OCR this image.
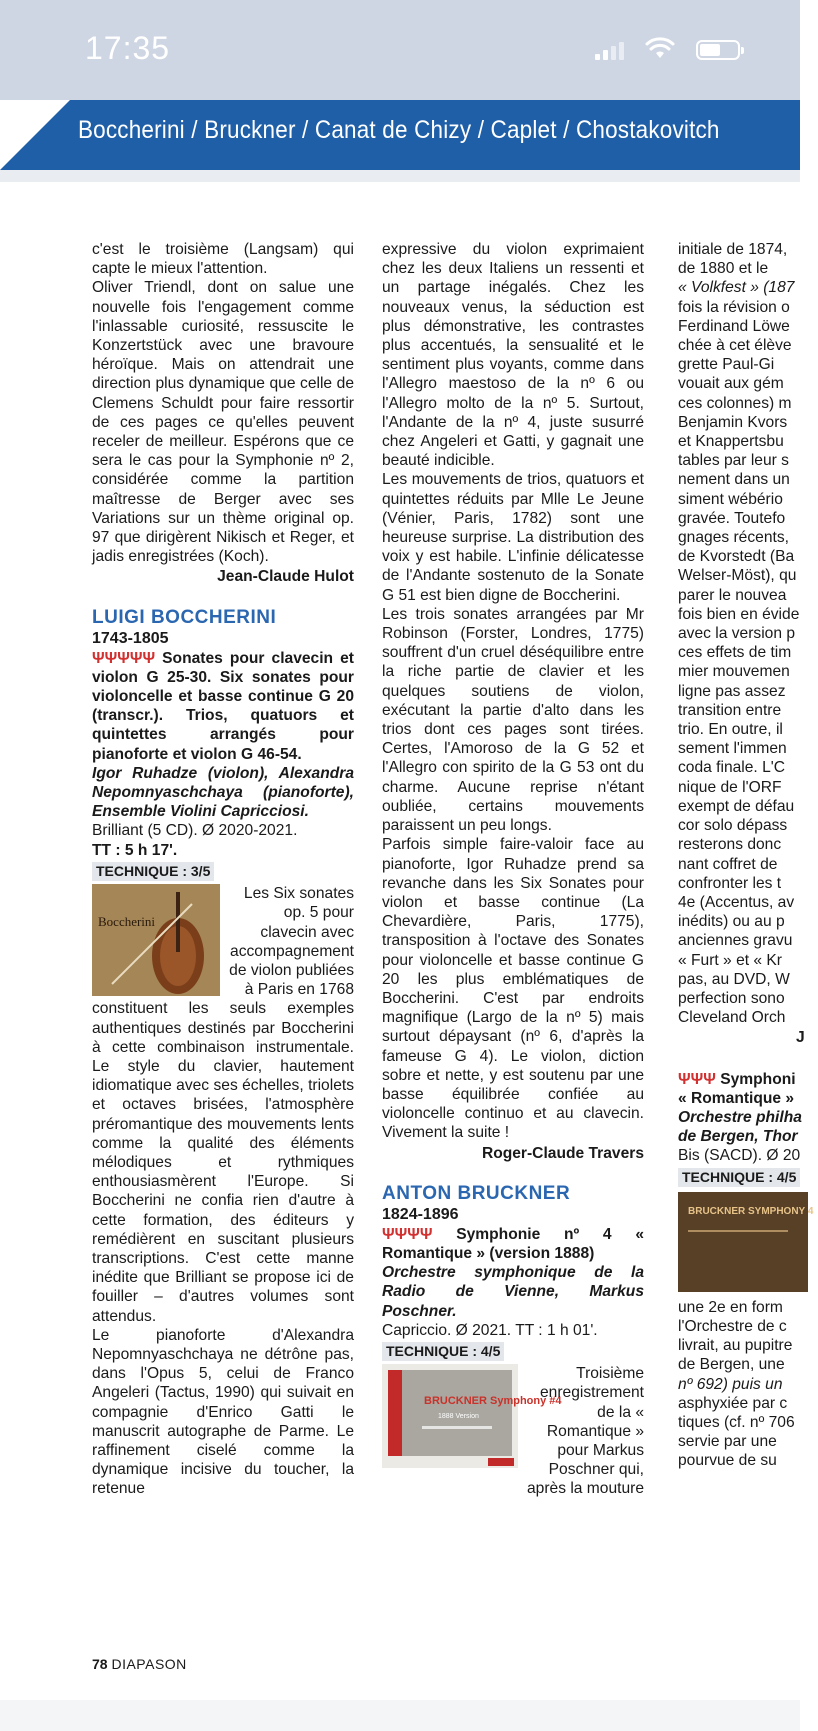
17:35
Boccherini / Bruckner / Canat de Chizy / Caplet / Chostakovitch

c'est le troisième (Langsam) qui capte le mieux l'attention.

Oliver Triendl, dont on salue une nouvelle fois l'engagement comme l'inlassable curiosité, ressuscite le Konzertstück avec une bravoure héroïque. Mais on attendrait une direction plus dynamique que celle de Clemens Schuldt pour faire ressortir de ces pages ce qu'elles peuvent receler de meilleur. Espérons que ce sera le cas pour la Symphonie nº 2, considérée comme la partition maîtresse de Berger avec ses Variations sur un thème original op. 97 que dirigèrent Nikisch et Reger, et jadis enregistrées (Koch).

Jean-Claude Hulot
LUIGI BOCCHERINI
1743-1805
ΨΨΨΨΨ Sonates pour clavecin et violon G 25-30. Six sonates pour violoncelle et basse continue G 20 (transcr.). Trios, quatuors et quintettes arrangés pour pianoforte et violon G 46-54.
Igor Ruhadze (violon), Alexandra Nepomnyaschchaya (pianoforte), Ensemble Violini Capricciosi.
Brilliant (5 CD). Ø 2020-2021.
TT : 5 h 17'.
TECHNIQUE : 3/5
Boccherini
Les Six sonates op. 5 pour clavecin avec accompagnement de violon publiées à Paris en 1768

constituent les seuls exemples authentiques destinés par Boccherini à cette combinaison instrumentale. Le style du clavier, hautement idiomatique avec ses échelles, triolets et octaves brisées, l'atmosphère préromantique des mouvements lents comme la qualité des éléments mélodiques et rythmiques enthousiasmèrent l'Europe. Si Boccherini ne confia rien d'autre à cette formation, des éditeurs y remédièrent en suscitant plusieurs transcriptions. C'est cette manne inédite que Brilliant se propose ici de fouiller – d'autres volumes sont attendus.

Le pianoforte d'Alexandra Nepomnyaschchaya ne détrône pas, dans l'Opus 5, celui de Franco Angeleri (Tactus, 1990) qui suivait en compagnie d'Enrico Gatti le manuscrit autographe de Parme. Le raffinement ciselé comme la dynamique incisive du toucher, la retenue

expressive du violon exprimaient chez les deux Italiens un ressenti et un partage inégalés. Chez les nouveaux venus, la séduction est plus démonstrative, les contrastes plus accentués, la sensualité et le sentiment plus voyants, comme dans l'Allegro maestoso de la nº 6 ou l'Allegro molto de la nº 5. Surtout, l'Andante de la nº 4, juste susurré chez Angeleri et Gatti, y gagnait une beauté indicible.

Les mouvements de trios, quatuors et quintettes réduits par Mlle Le Jeune (Vénier, Paris, 1782) sont une heureuse surprise. La distribution des voix y est habile. L'infinie délicatesse de l'Andante sostenuto de la Sonate G 51 est bien digne de Boccherini.

Les trois sonates arrangées par Mr Robinson (Forster, Londres, 1775) souffrent d'un cruel déséquilibre entre la riche partie de clavier et les quelques soutiens de violon, exécutant la partie d'alto dans les trios dont ces pages sont tirées. Certes, l'Amoroso de la G 52 et l'Allegro con spirito de la G 53 ont du charme. Aucune reprise n'étant oubliée, certains mouvements paraissent un peu longs.

Parfois simple faire-valoir face au pianoforte, Igor Ruhadze prend sa revanche dans les Six Sonates pour violon et basse continue (La Chevardière, Paris, 1775), transposition à l'octave des Sonates pour violoncelle et basse continue G 20 les plus emblématiques de Boccherini. C'est par endroits magnifique (Largo de la nº 5) mais surtout dépaysant (nº 6, d'après la fameuse G 4). Le violon, diction sobre et nette, y est soutenu par une basse équilibrée confiée au violoncelle continuo et au clavecin. Vivement la suite !

Roger-Claude Travers
ANTON BRUCKNER
1824-1896
ΨΨΨΨ Symphonie nº 4 « Romantique » (version 1888)
Orchestre symphonique de la Radio de Vienne, Markus Poschner.
Capriccio. Ø 2021. TT : 1 h 01'.
TECHNIQUE : 4/5
BRUCKNER Symphony #4
1888 Version
Troisième enregistrement de la « Romantique » pour Markus Poschner qui, après la mouture
initiale de 1874,
de 1880 et le
« Volkfest » (187
fois la révision o
Ferdinand Löwe
chée à cet élève
grette Paul-Gi
vouait aux gém
ces colonnes) m
Benjamin Kvors
et Knappertsbu
tables par leur s
nement dans un
siment wébério
gravée. Toutefo
gnages récents,
de Kvorstedt (Ba
Welser-Möst), qu
parer le nouvea
fois bien en évide
avec la version p
ces effets de tim
mier mouvemen
ligne pas assez
transition entre
trio. En outre, il
sement l'immen
coda finale. L'C
nique de l'ORF
exempt de défau
cor solo dépass
resterons donc
nant coffret de
confronter les t
4e (Accentus, av
inédits) ou au p
anciennes gravu
« Furt » et « Kr
pas, au DVD, W
perfection sono
Cleveland Orch
J
ΨΨΨ Symphoni
« Romantique »
Orchestre philha
de Bergen, Thor
Bis (SACD). Ø 20
TECHNIQUE : 4/5
BRUCKNER SYMPHONY 4
une 2e en form
l'Orchestre de c
livrait, au pupitre
de Bergen, une
nº 692) puis un
asphyxiée par c
tiques (cf. nº 706
servie par une
pourvue de su
78 DIAPASON
